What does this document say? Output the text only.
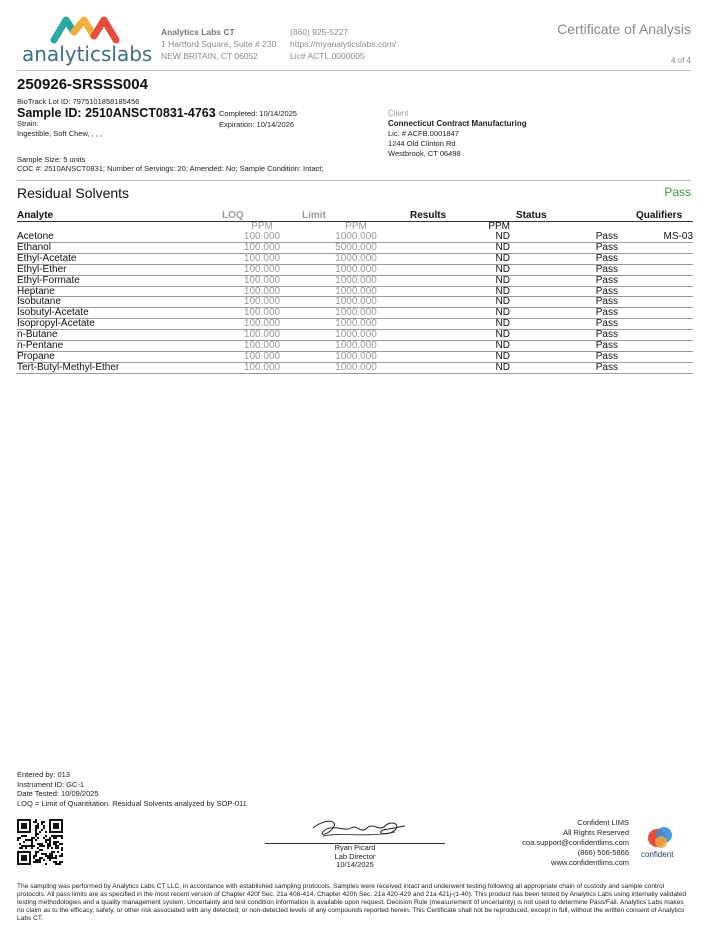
analyticslabs
Analytics Labs CT
1 Hartford Square, Suite # 230
NEW BRITAIN, CT 06052
(860) 925-5227
https://myanalyticslabs.com/
Lic# ACTL.0000005
Certificate of Analysis
4 of 4
250926-SRSSS004
BioTrack Lot ID: 7975101858185456
Sample ID: 2510ANSCT0831-4763
Strain:
Ingestible, Soft Chew, , , ,
Completed: 10/14/2025
Expiration: 10/14/2026
Client
Connecticut Contract Manufacturing
Lic. # ACFB.0001847
1244 Old Clinton Rd
Westbrook, CT 06498
Sample Size: 5 units
COC #: 2510ANSCT0831; Number of Servings: 20; Amended: No; Sample Condition: Intact;
Residual Solvents	Pass
Analyte	LOQ	Limit	Results	Status	Qualifiers
	PPM	PPM	PPM		
Acetone	100.000	1000.000	ND	Pass	MS-03
Ethanol	100.000	5000.000	ND	Pass	
Ethyl-Acetate	100.000	1000.000	ND	Pass	
Ethyl-Ether	100.000	1000.000	ND	Pass	
Ethyl-Formate	100.000	1000.000	ND	Pass	
Heptane	100.000	1000.000	ND	Pass	
Isobutane	100.000	1000.000	ND	Pass	
Isobutyl-Acetate	100.000	1000.000	ND	Pass	
Isopropyl-Acetate	100.000	1000.000	ND	Pass	
n-Butane	100.000	1000.000	ND	Pass	
n-Pentane	100.000	1000.000	ND	Pass	
Propane	100.000	1000.000	ND	Pass	
Tert-Butyl-Methyl-Ether	100.000	1000.000	ND	Pass	
Entered by: 013
Instrument ID: GC-1
Date Tested: 10/09/2025
LOQ = Limit of Quantitation. Residual Solvents analyzed by SOP-011
Ryan Picard
Lab Director
10/14/2025
Confident LIMS
All Rights Reserved
coa.support@confidentlims.com
(866) 506-5866
www.confidentlims.com
confident
The sampling was performed by Analytics Labs CT LLC, in accordance with established sampling protocols. Samples were received intact and underwent testing following all appropriate chain of custody and sample control protocols. All pass limits are as specified in the most recent version of Chapter 420f Sec. 21a 408-414, Chapter 420h Sec. 21a 420-429 and 21a 421j-(1-40). This product has been tested by Analytics Labs using internally validated testing methodologies and a quality management system. Uncertainty and test condition information is available upon request. Decision Rule (measurement of uncertainty) is not used to determine Pass/Fail. Analytics Labs makes no claim as to the efficacy, safety, or other risk associated with any detected, or non-detected levels of any compounds reported herein. This Certificate shall not be reproduced, except in full, without the written consent of Analytics Labs CT.
